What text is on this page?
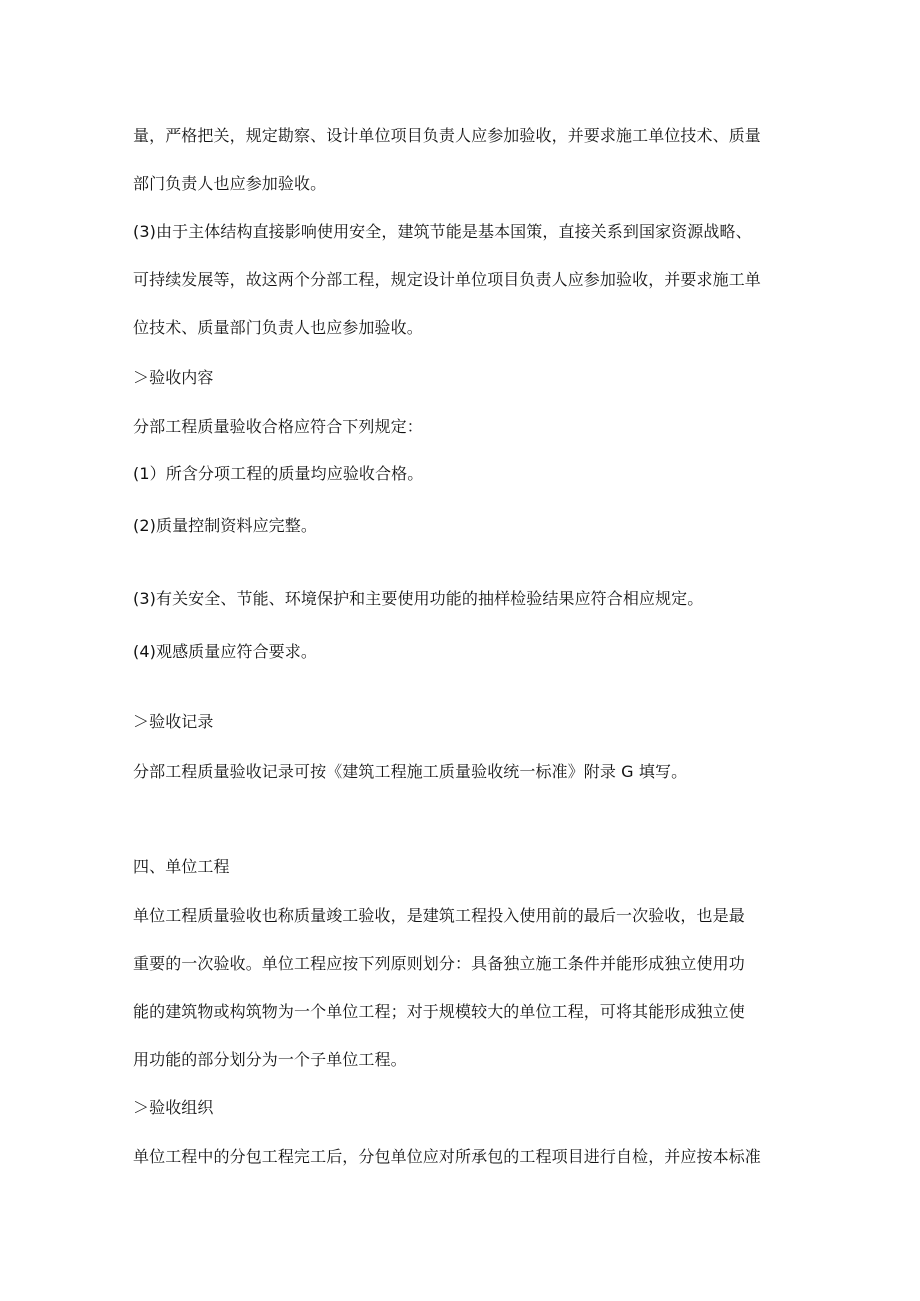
量，严格把关，规定勘察、设计单位项目负责人应参加验收，并要求施工单位技术、质量
部门负责人也应参加验收。
(3)由于主体结构直接影响使用安全，建筑节能是基本国策，直接关系到国家资源战略、
可持续发展等，故这两个分部工程，规定设计单位项目负责人应参加验收，并要求施工单
位技术、质量部门负责人也应参加验收。
＞验收内容
分部工程质量验收合格应符合下列规定：
(1）所含分项工程的质量均应验收合格。
(2)质量控制资料应完整。
(3)有关安全、节能、环境保护和主要使用功能的抽样检验结果应符合相应规定。
(4)观感质量应符合要求。
＞验收记录
分部工程质量验收记录可按《建筑工程施工质量验收统一标准》附录 G 填写。
四、单位工程
单位工程质量验收也称质量竣工验收，是建筑工程投入使用前的最后一次验收，也是最
重要的一次验收。单位工程应按下列原则划分：具备独立施工条件并能形成独立使用功
能的建筑物或构筑物为一个单位工程；对于规模较大的单位工程，可将其能形成独立使
用功能的部分划分为一个子单位工程。
＞验收组织
单位工程中的分包工程完工后，分包单位应对所承包的工程项目进行自检，并应按本标准
